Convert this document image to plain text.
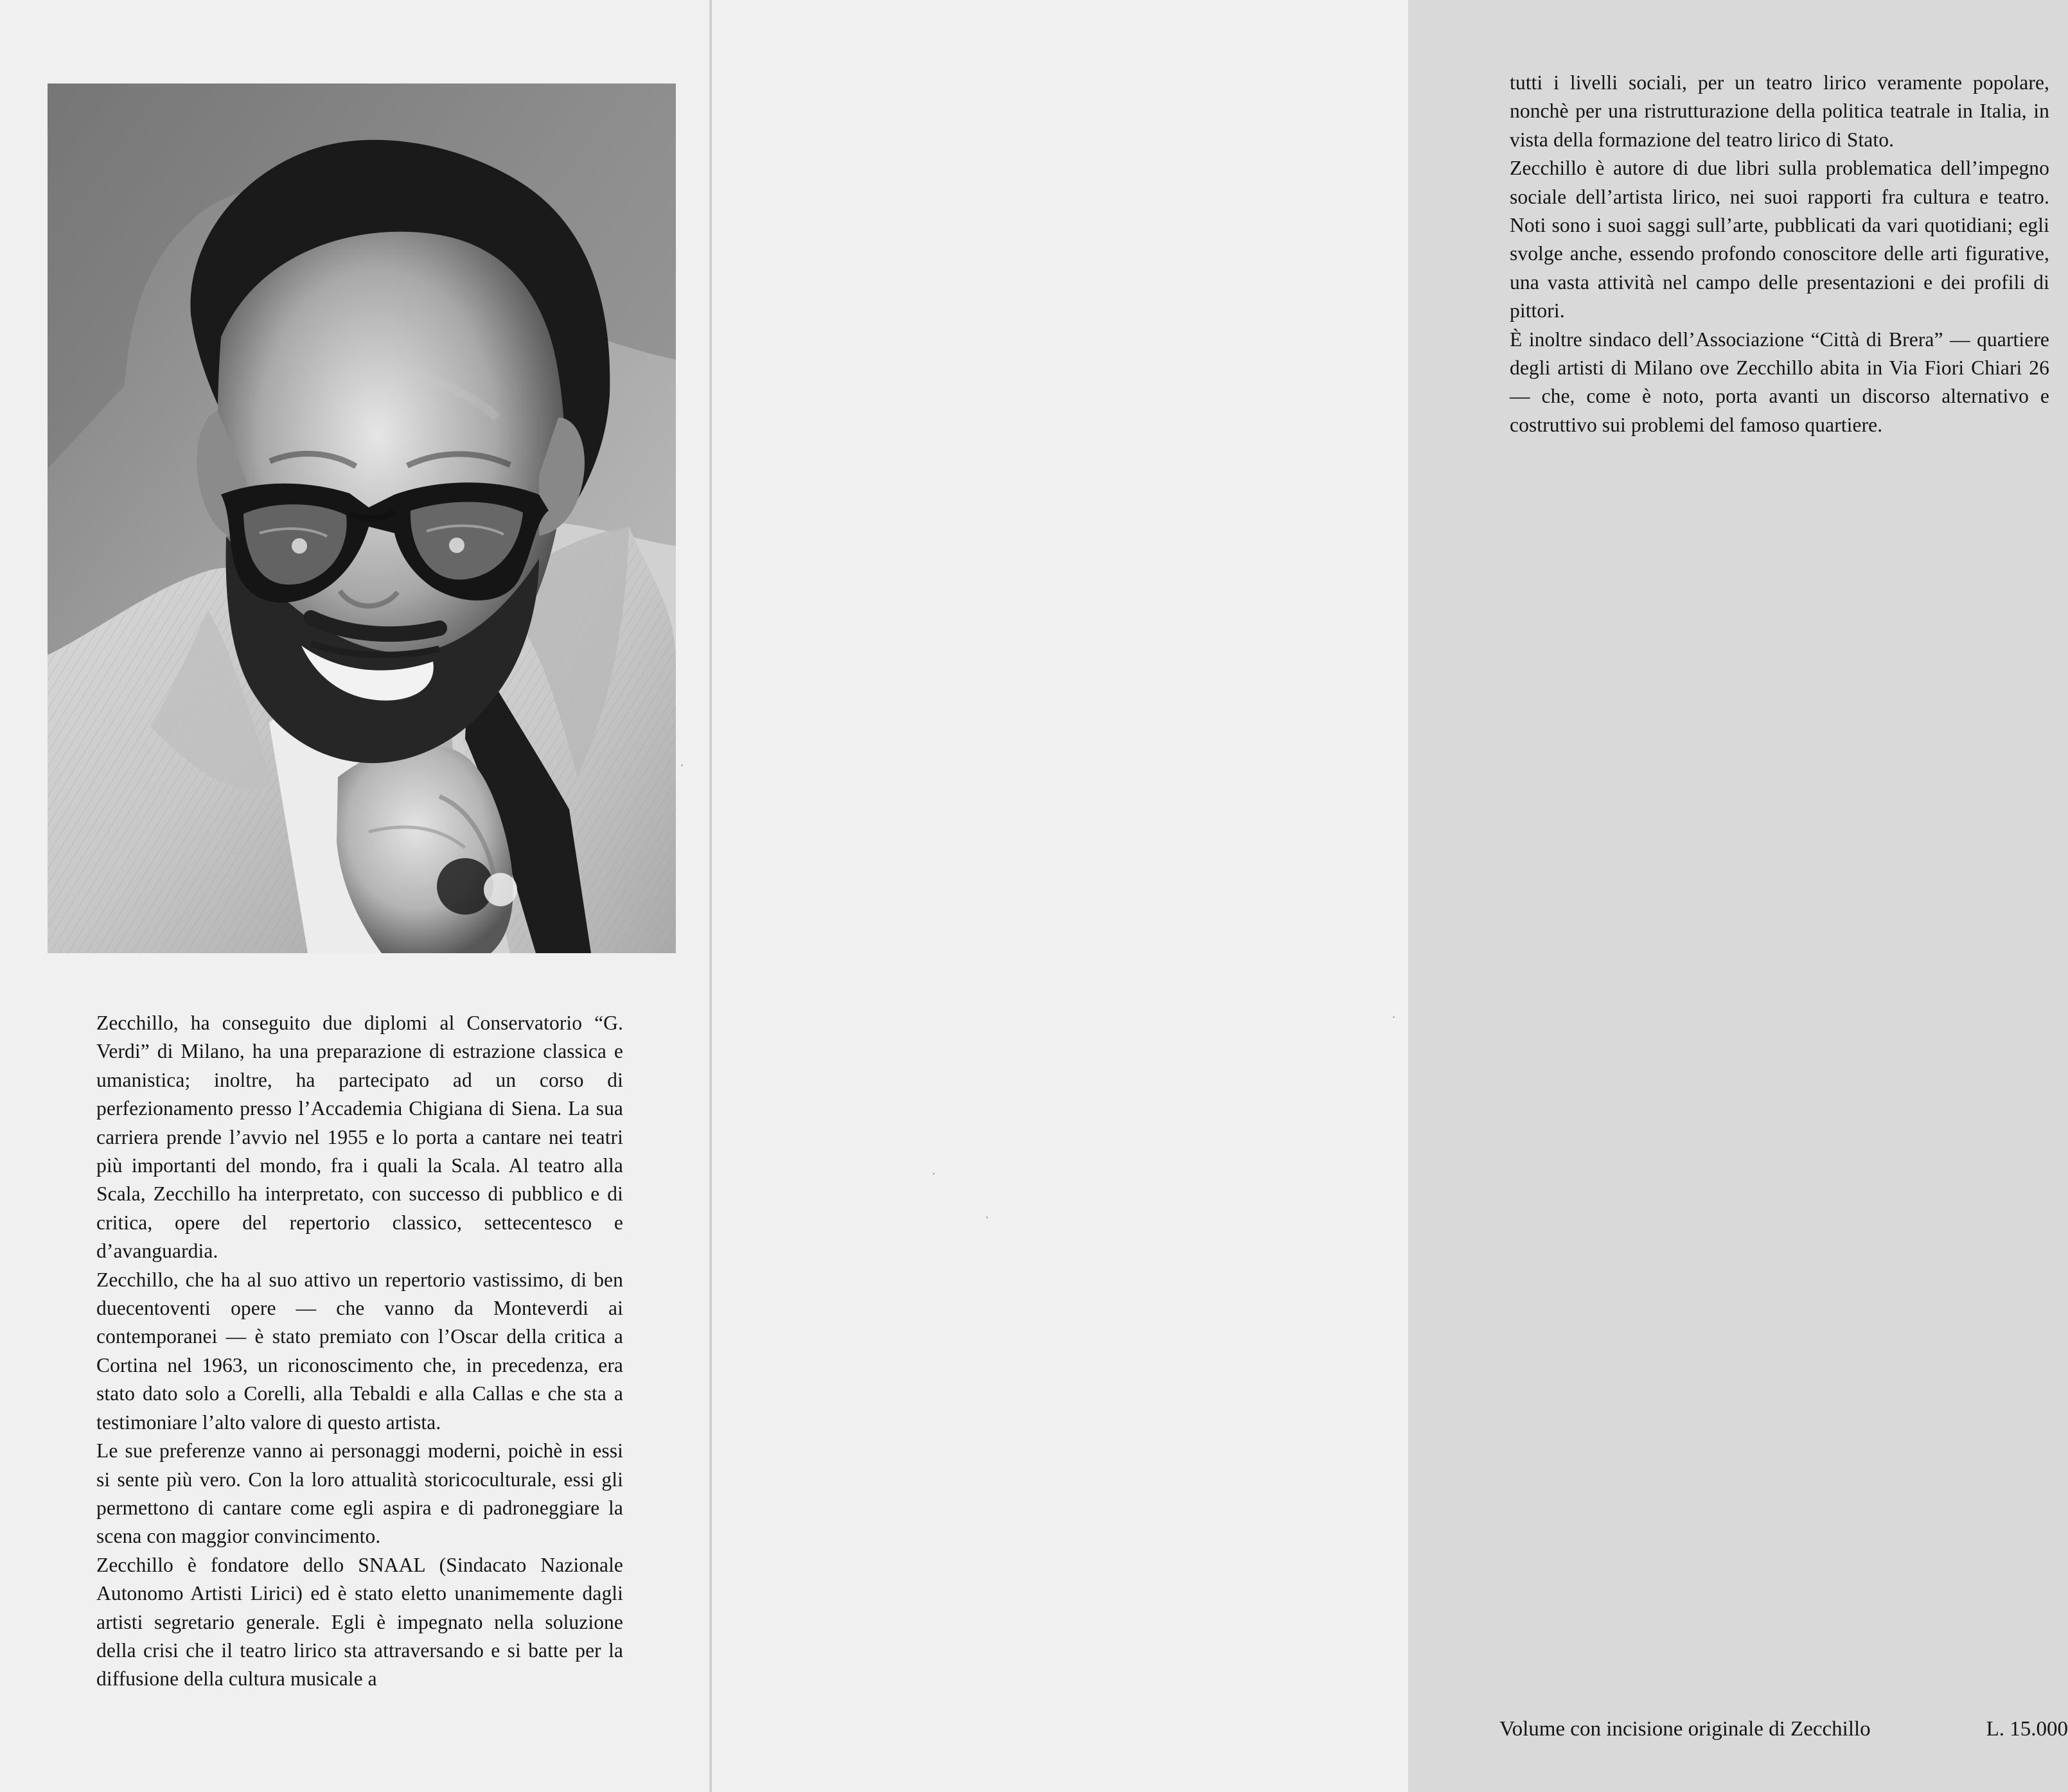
Zecchillo, ha conseguito due diplomi al Conservatorio “G. Verdi” di Milano, ha una preparazione di estrazione classica e umanistica; inoltre, ha partecipato ad un corso di perfezionamento presso l’Accademia Chigiana di Siena. La sua carriera prende l’avvio nel 1955 e lo porta a cantare nei teatri più importanti del mondo, fra i quali la Scala. Al teatro alla Scala, Zecchillo ha interpretato, con successo di pubblico e di critica, opere del repertorio classico, settecentesco e d’avanguardia.

Zecchillo, che ha al suo attivo un repertorio vastissimo, di ben duecentoventi opere — che vanno da Monteverdi ai contemporanei — è stato premiato con l’Oscar della critica a Cortina nel 1963, un riconoscimento che, in precedenza, era stato dato solo a Corelli, alla Tebaldi e alla Callas e che sta a testimoniare l’alto valore di questo artista.

Le sue preferenze vanno ai personaggi moderni, poichè in essi si sente più vero. Con la loro attualità storicoculturale, essi gli permettono di cantare come egli aspira e di padroneggiare la scena con maggior convincimento.

Zecchillo è fondatore dello SNAAL (Sindacato Nazionale Autonomo Artisti Lirici) ed è stato eletto unanimemente dagli artisti segretario generale. Egli è impegnato nella soluzione della crisi che il teatro lirico sta attraversando e si batte per la diffusione della cultura musicale a

tutti i livelli sociali, per un teatro lirico veramente popolare, nonchè per una ristrutturazione della politica teatrale in Italia, in vista della formazione del teatro lirico di Stato.

Zecchillo è autore di due libri sulla problematica dell’impegno sociale dell’artista lirico, nei suoi rapporti fra cultura e teatro. Noti sono i suoi saggi sull’arte, pubblicati da vari quotidiani; egli svolge anche, essendo profondo conoscitore delle arti figurative, una vasta attività nel campo delle presentazioni e dei profili di pittori.

È inoltre sindaco dell’Associazione “Città di Brera” — quartiere degli artisti di Milano ove Zecchillo abita in Via Fiori Chiari 26 — che, come è noto, porta avanti un discorso alternativo e costruttivo sui problemi del famoso quartiere.

Volume con incisione originale di Zecchillo	L. 15.000
